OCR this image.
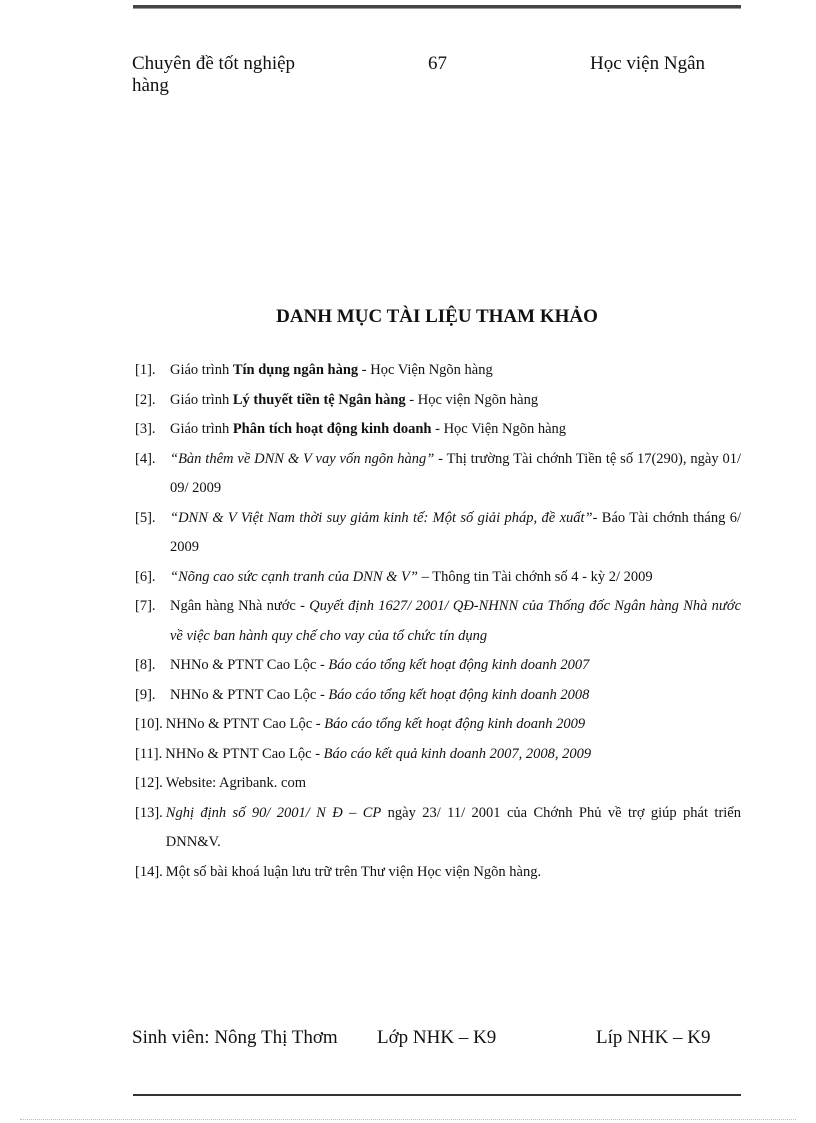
Chuyên đề tốt nghiệp
hàng
67	Học viện Ngân
DANH MỤC TÀI LIỆU THAM KHẢO
[1]. Giáo trình Tín dụng ngân hàng - Học Viện Ngõn hàng
[2]. Giáo trình Lý thuyết tiền tệ Ngân hàng - Học viện Ngõn hàng
[3]. Giáo trình Phân tích hoạt động kinh doanh - Học Viện Ngõn hàng
[4]. “Bàn thêm về DNN & V vay vốn ngõn hàng” - Thị trường Tài chớnh Tiền tệ số 17(290), ngày 01/ 09/ 2009
[5]. “DNN & V Việt Nam thời suy giảm kinh tế: Một số giải pháp, đề xuất”- Báo Tài chớnh tháng 6/ 2009
[6]. “Nõng cao sức cạnh tranh của DNN & V” – Thông tin Tài chớnh số 4 - kỳ 2/ 2009
[7]. Ngân hàng Nhà nước - Quyết định 1627/ 2001/ QĐ-NHNN của Thống đốc Ngân hàng Nhà nước về việc ban hành quy chế cho vay của tổ chức tín dụng
[8]. NHNo & PTNT Cao Lộc - Báo cáo tổng kết hoạt động kinh doanh 2007
[9]. NHNo & PTNT Cao Lộc - Báo cáo tổng kết hoạt động kinh doanh 2008
[10]. NHNo & PTNT Cao Lộc - Báo cáo tổng kết hoạt động kinh doanh 2009
[11]. NHNo & PTNT Cao Lộc - Báo cáo kết quả kinh doanh 2007, 2008, 2009
[12]. Website: Agribank. com
[13]. Nghị định số 90/ 2001/ N Đ – CP ngày 23/ 11/ 2001 của Chớnh Phủ về trợ giúp phát triển DNN&V.
[14]. Một số bài khoá luận lưu trữ trên Thư viện Học viện Ngõn hàng.
Sinh viên: Nông Thị Thơm Lớp NHK – K9	Líp NHK – K9
